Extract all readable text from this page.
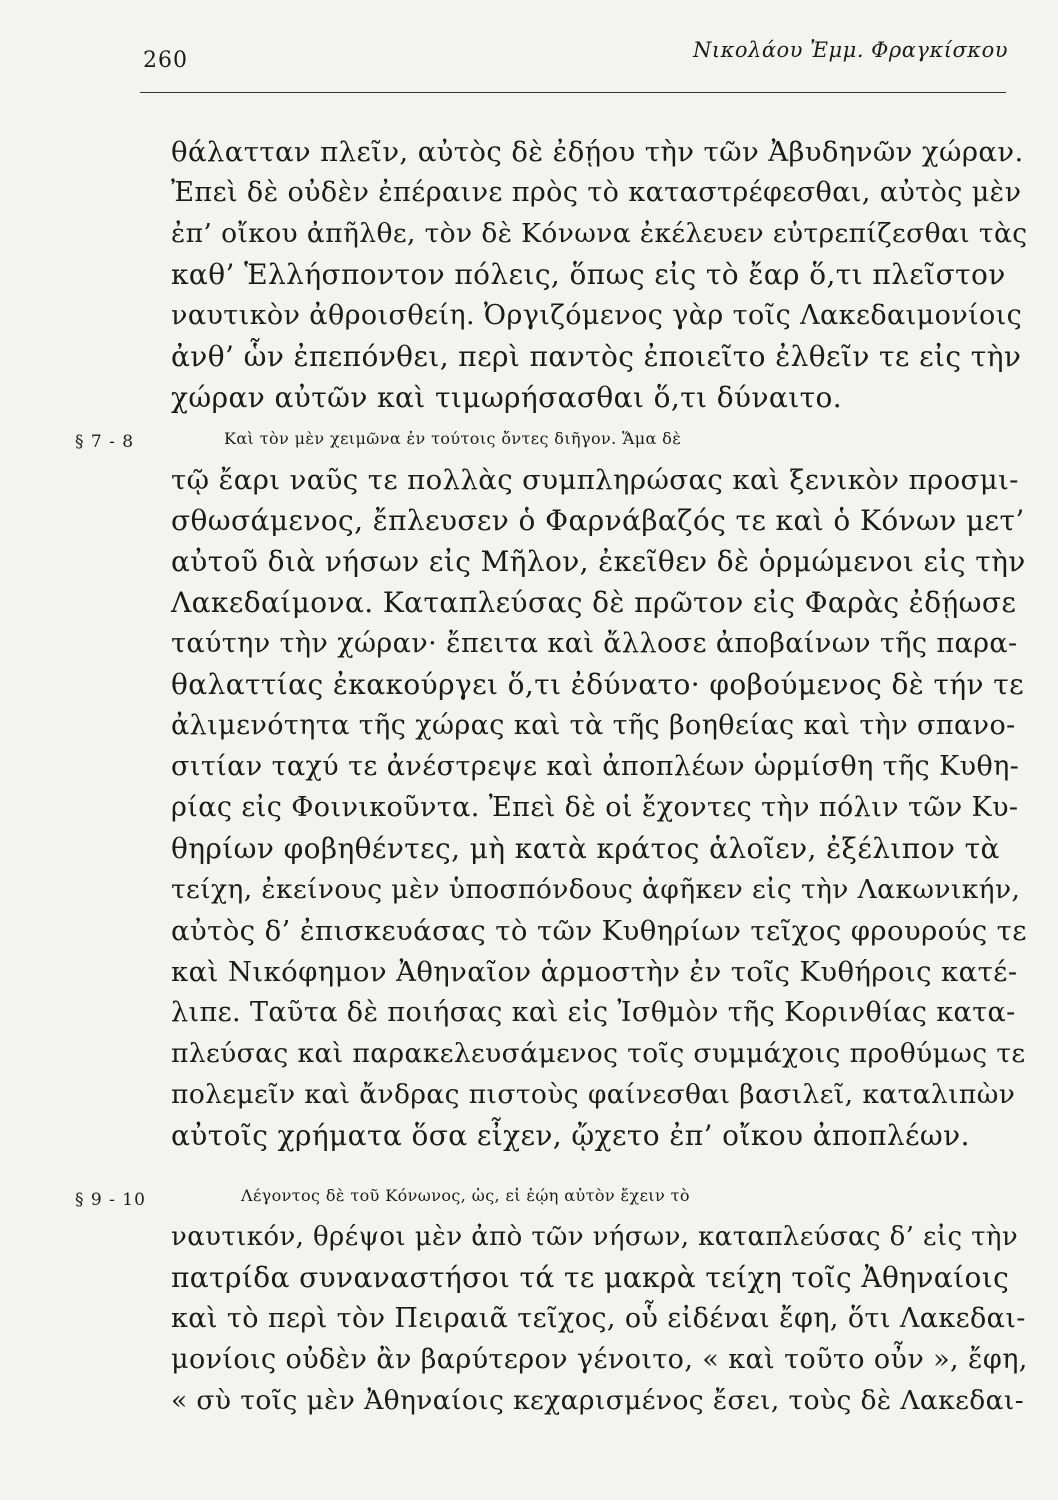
260	Νικολάου Ἐμμ. Φραγκίσκου
§ 7 - 8
§ 9 - 10
θάλατταν πλεῖν, αὐτὸς δὲ ἐδῄου τὴν τῶν Ἀβυδηνῶν χώραν.
Ἐπεὶ δὲ οὐδὲν ἐπέραινε πρὸς τὸ καταστρέφεσθαι, αὐτὸς μὲν
ἐπ’ οἴκου ἀπῆλθε, τὸν δὲ Κόνωνα ἐκέλευεν εὐτρεπίζεσθαι τὰς
καθ’ Ἑλλήσποντον πόλεις, ὅπως εἰς τὸ ἔαρ ὅ,τι πλεῖστον
ναυτικὸν ἀθροισθείη. Ὀργιζόμενος γὰρ τοῖς Λακεδαιμονίοις
ἀνθ’ ὧν ἐπεπόνθει, περὶ παντὸς ἐποιεῖτο ἐλθεῖν τε εἰς τὴν
χώραν αὐτῶν καὶ τιμωρήσασθαι ὅ,τι δύναιτο.
Καὶ τὸν μὲν χειμῶνα ἐν τούτοις ὄντες διῆγον. Ἅμα δὲ
τῷ ἔαρι ναῦς τε πολλὰς συμπληρώσας καὶ ξενικὸν προσμι-
σθωσάμενος, ἔπλευσεν ὁ Φαρνάβαζός τε καὶ ὁ Κόνων μετ’
αὐτοῦ διὰ νήσων εἰς Μῆλον, ἐκεῖθεν δὲ ὁρμώμενοι εἰς τὴν
Λακεδαίμονα. Καταπλεύσας δὲ πρῶτον εἰς Φαρὰς ἐδῄωσε
ταύτην τὴν χώραν· ἔπειτα καὶ ἄλλοσε ἀποβαίνων τῆς παρα-
θαλαττίας ἐκακούργει ὅ,τι ἐδύνατο· φοβούμενος δὲ τήν τε
ἀλιμενότητα τῆς χώρας καὶ τὰ τῆς βοηθείας καὶ τὴν σπανο-
σιτίαν ταχύ τε ἀνέστρεψε καὶ ἀποπλέων ὡρμίσθη τῆς Κυθη-
ρίας εἰς Φοινικοῦντα. Ἐπεὶ δὲ οἱ ἔχοντες τὴν πόλιν τῶν Κυ-
θηρίων φοβηθέντες, μὴ κατὰ κράτος ἁλοῖεν, ἐξέλιπον τὰ
τείχη, ἐκείνους μὲν ὑποσπόνδους ἀφῆκεν εἰς τὴν Λακωνικήν,
αὐτὸς δ’ ἐπισκευάσας τὸ τῶν Κυθηρίων τεῖχος φρουρούς τε
καὶ Νικόφημον Ἀθηναῖον ἁρμοστὴν ἐν τοῖς Κυθήροις κατέ-
λιπε. Ταῦτα δὲ ποιήσας καὶ εἰς Ἰσθμὸν τῆς Κορινθίας κατα-
πλεύσας καὶ παρακελευσάμενος τοῖς συμμάχοις προθύμως τε
πολεμεῖν καὶ ἄνδρας πιστοὺς φαίνεσθαι βασιλεῖ, καταλιπὼν
αὐτοῖς χρήματα ὅσα εἶχεν, ᾤχετο ἐπ’ οἴκου ἀποπλέων.
Λέγοντος δὲ τοῦ Κόνωνος, ὡς, εἰ ἐῴη αὐτὸν ἔχειν τὸ
ναυτικόν, θρέψοι μὲν ἀπὸ τῶν νήσων, καταπλεύσας δ’ εἰς τὴν
πατρίδα συναναστήσοι τά τε μακρὰ τείχη τοῖς Ἀθηναίοις
καὶ τὸ περὶ τὸν Πειραιᾶ τεῖχος, οὗ εἰδέναι ἔφη, ὅτι Λακεδαι-
μονίοις οὐδὲν ἂν βαρύτερον γένοιτο, « καὶ τοῦτο οὖν », ἔφη,
« σὺ τοῖς μὲν Ἀθηναίοις κεχαρισμένος ἔσει, τοὺς δὲ Λακεδαι-
